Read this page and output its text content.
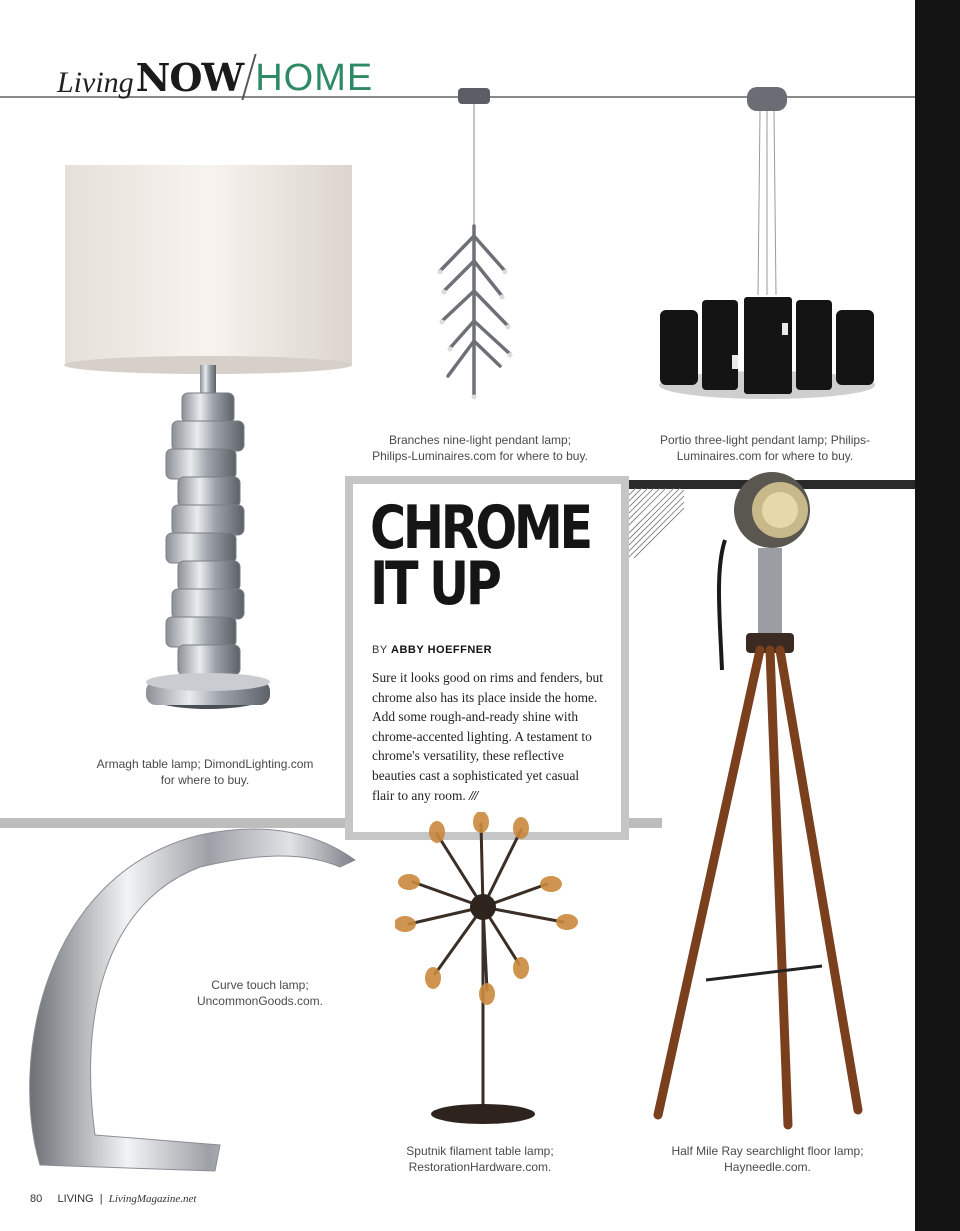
Living NOW HOME
Armagh table lamp; DimondLighting.com
for where to buy.
Branches nine-light pendant lamp;
Philips-Luminaires.com for where to buy.
Portio three-light pendant lamp; Philips-
Luminaires.com for where to buy.
CHROME
IT UP
BY ABBY HOEFFNER
Sure it looks good on rims and fenders, but chrome also has its place inside the home. Add some rough-and-ready shine with chrome-accented lighting. A testament to chrome's versatility, these reflective beauties cast a sophisticated yet casual flair to any room. ///
Half Mile Ray searchlight floor lamp;
Hayneedle.com.
Curve touch lamp;
UncommonGoods.com.
Sputnik filament table lamp;
RestorationHardware.com.
80 LIVING | LivingMagazine.net
